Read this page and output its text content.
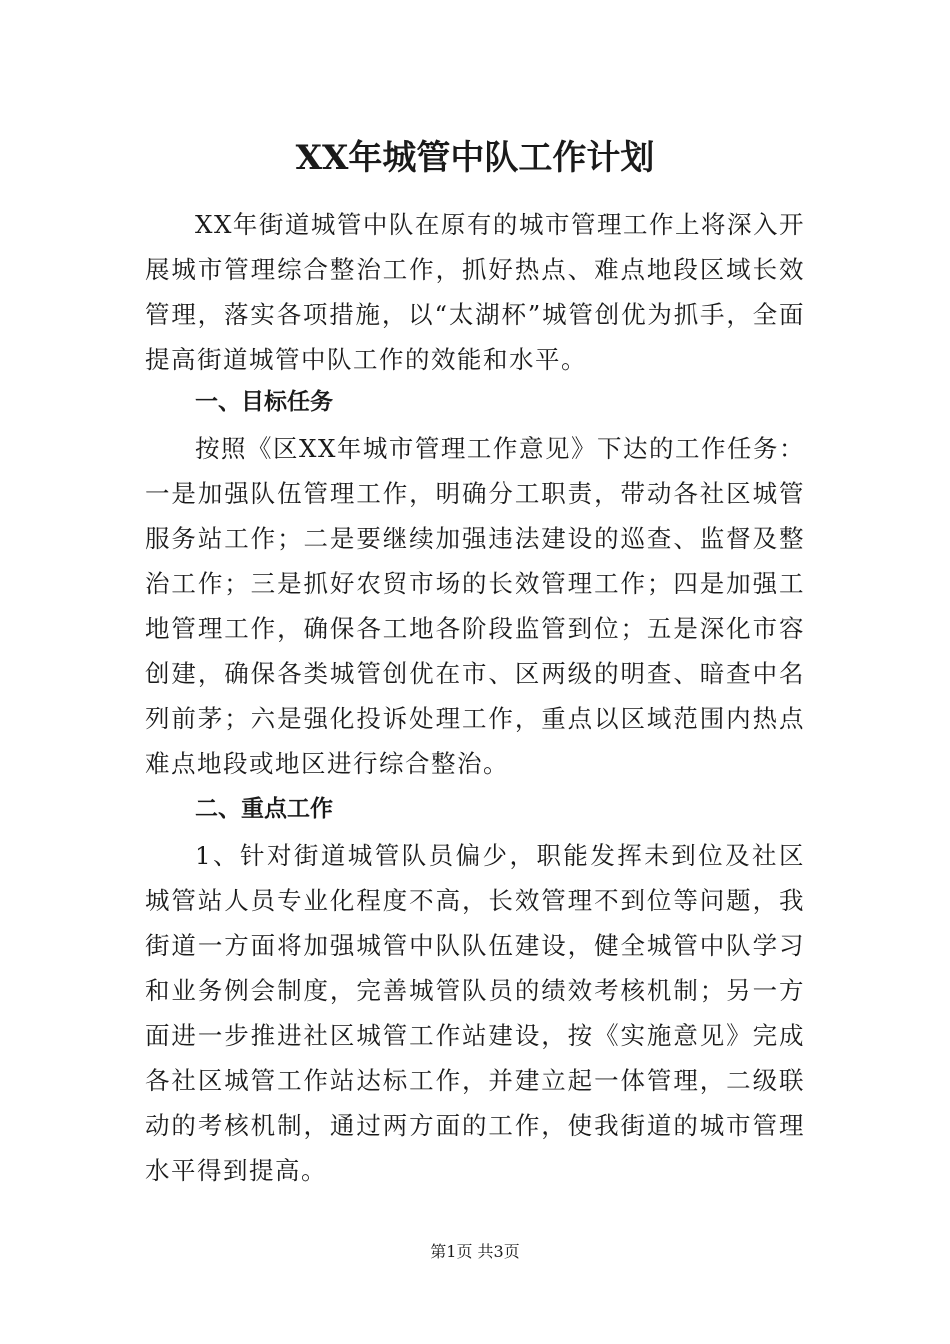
XX年城管中队工作计划

XX年街道城管中队在原有的城市管理工作上将深入开展城市管理综合整治工作，抓好热点、难点地段区域长效管理，落实各项措施，以“太湖杯”城管创优为抓手，全面提高街道城管中队工作的效能和水平。

一、目标任务

按照《区XX年城市管理工作意见》下达的工作任务：一是加强队伍管理工作，明确分工职责，带动各社区城管服务站工作；二是要继续加强违法建设的巡查、监督及整治工作；三是抓好农贸市场的长效管理工作；四是加强工地管理工作，确保各工地各阶段监管到位；五是深化市容创建，确保各类城管创优在市、区两级的明查、暗查中名列前茅；六是强化投诉处理工作，重点以区域范围内热点难点地段或地区进行综合整治。

二、重点工作

1、针对街道城管队员偏少，职能发挥未到位及社区城管站人员专业化程度不高，长效管理不到位等问题，我街道一方面将加强城管中队队伍建设，健全城管中队学习和业务例会制度，完善城管队员的绩效考核机制；另一方面进一步推进社区城管工作站建设，按《实施意见》完成各社区城管工作站达标工作，并建立起一体管理，二级联动的考核机制，通过两方面的工作，使我街道的城市管理水平得到提高。

第1页 共3页
